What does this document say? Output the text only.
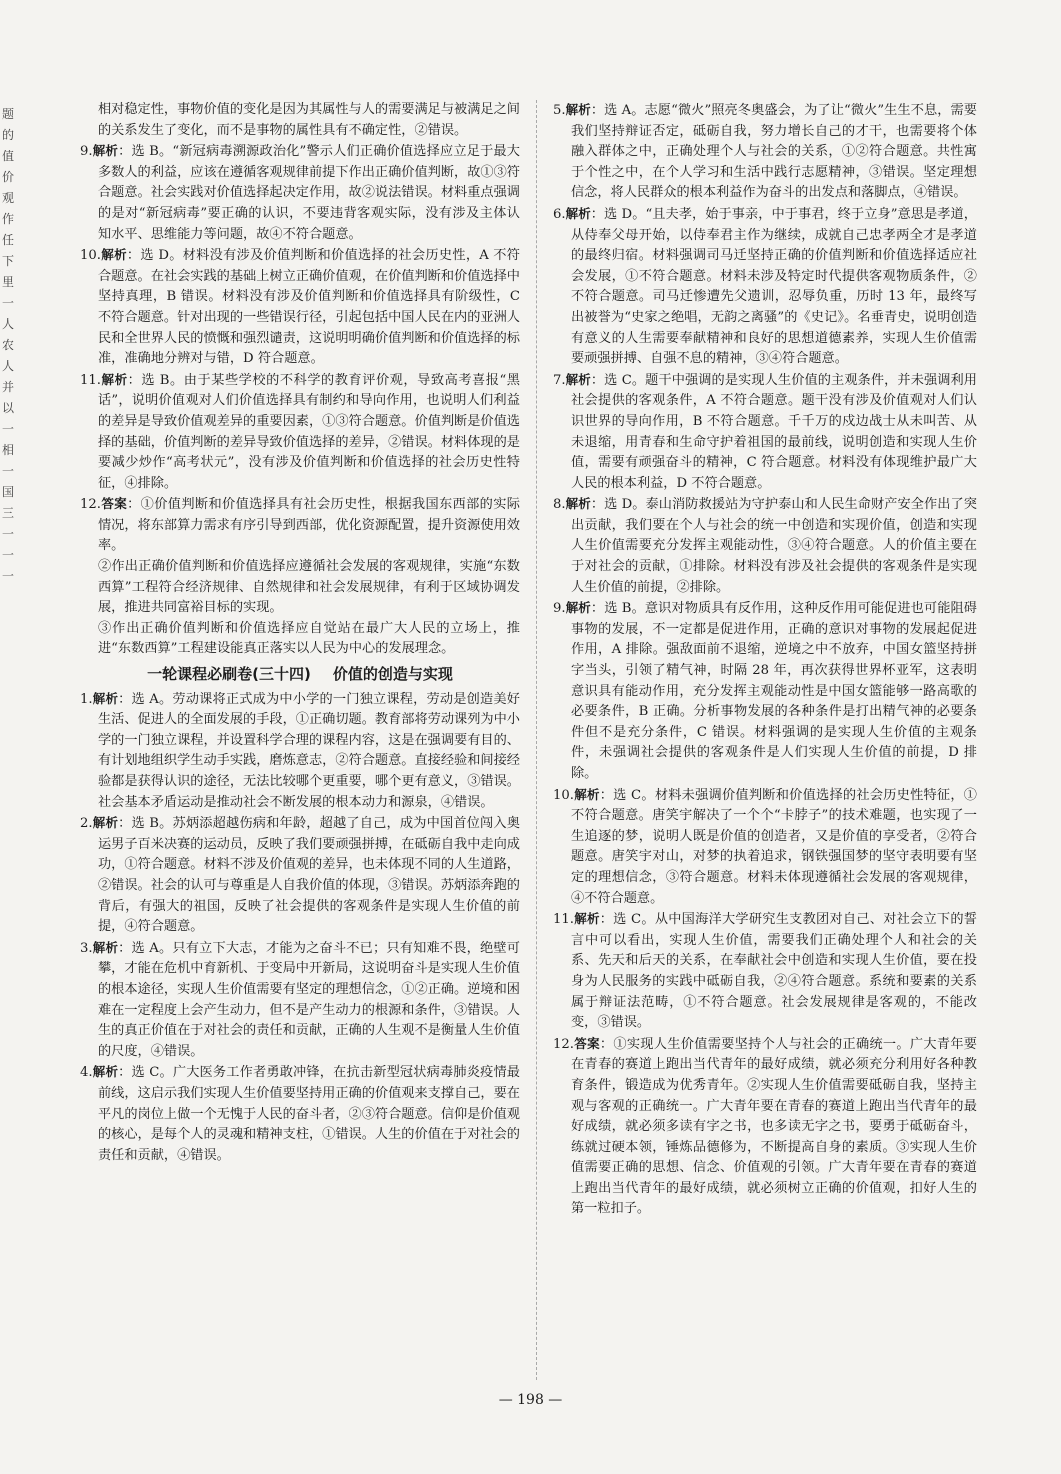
题的值价观作任下里一人农人并以一相一国三一一一
相对稳定性，事物价值的变化是因为其属性与人的需要满足与被满足之间的关系发生了变化，而不是事物的属性具有不确定性，②错误。
9.解析：选 B。“新冠病毒溯源政治化”警示人们正确价值选择应立足于最大多数人的利益，应该在遵循客观规律前提下作出正确价值判断，故①③符合题意。社会实践对价值选择起决定作用，故②说法错误。材料重点强调的是对“新冠病毒”要正确的认识，不要违背客观实际，没有涉及主体认知水平、思维能力等问题，故④不符合题意。
10.解析：选 D。材料没有涉及价值判断和价值选择的社会历史性，A 不符合题意。在社会实践的基础上树立正确价值观，在价值判断和价值选择中坚持真理，B 错误。材料没有涉及价值判断和价值选择具有阶级性，C 不符合题意。针对出现的一些错误行径，引起包括中国人民在内的亚洲人民和全世界人民的愤慨和强烈谴责，这说明明确价值判断和价值选择的标准，准确地分辨对与错，D 符合题意。
11.解析：选 B。由于某些学校的不科学的教育评价观，导致高考喜报“黑话”，说明价值观对人们价值选择具有制约和导向作用，也说明人们利益的差异是导致价值观差异的重要因素，①③符合题意。价值判断是价值选择的基础，价值判断的差异导致价值选择的差异，②错误。材料体现的是要减少炒作“高考状元”，没有涉及价值判断和价值选择的社会历史性特征，④排除。
12.答案：①价值判断和价值选择具有社会历史性，根据我国东西部的实际情况，将东部算力需求有序引导到西部，优化资源配置，提升资源使用效率。
②作出正确价值判断和价值选择应遵循社会发展的客观规律，实施“东数西算”工程符合经济规律、自然规律和社会发展规律，有利于区域协调发展，推进共同富裕目标的实现。
③作出正确价值判断和价值选择应自觉站在最广大人民的立场上，推进“东数西算”工程建设能真正落实以人民为中心的发展理念。
一轮课程必刷卷(三十四) 价值的创造与实现
1.解析：选 A。劳动课将正式成为中小学的一门独立课程，劳动是创造美好生活、促进人的全面发展的手段，①正确切题。教育部将劳动课列为中小学的一门独立课程，并设置科学合理的课程内容，这是在强调要有目的、有计划地组织学生动手实践，磨炼意志，②符合题意。直接经验和间接经验都是获得认识的途径，无法比较哪个更重要，哪个更有意义，③错误。社会基本矛盾运动是推动社会不断发展的根本动力和源泉，④错误。
2.解析：选 B。苏炳添超越伤病和年龄，超越了自己，成为中国首位闯入奥运男子百米决赛的运动员，反映了我们要顽强拼搏，在砥砺自我中走向成功，①符合题意。材料不涉及价值观的差异，也未体现不同的人生道路，②错误。社会的认可与尊重是人自我价值的体现，③错误。苏炳添奔跑的背后，有强大的祖国，反映了社会提供的客观条件是实现人生价值的前提，④符合题意。
3.解析：选 A。只有立下大志，才能为之奋斗不已；只有知难不畏，绝壁可攀，才能在危机中育新机、于变局中开新局，这说明奋斗是实现人生价值的根本途径，实现人生价值需要有坚定的理想信念，①②正确。逆境和困难在一定程度上会产生动力，但不是产生动力的根源和条件，③错误。人生的真正价值在于对社会的责任和贡献，正确的人生观不是衡量人生价值的尺度，④错误。
4.解析：选 C。广大医务工作者勇敢冲锋，在抗击新型冠状病毒肺炎疫情最前线，这启示我们实现人生价值要坚持用正确的价值观来支撑自己，要在平凡的岗位上做一个无愧于人民的奋斗者，②③符合题意。信仰是价值观的核心，是每个人的灵魂和精神支柱，①错误。人生的价值在于对社会的责任和贡献，④错误。
5.解析：选 A。志愿“微火”照亮冬奥盛会，为了让“微火”生生不息，需要我们坚持辩证否定，砥砺自我，努力增长自己的才干，也需要将个体融入群体之中，正确处理个人与社会的关系，①②符合题意。共性寓于个性之中，在个人学习和生活中践行志愿精神，③错误。坚定理想信念，将人民群众的根本利益作为奋斗的出发点和落脚点，④错误。
6.解析：选 D。“且夫孝，始于事亲，中于事君，终于立身”意思是孝道，从侍奉父母开始，以侍奉君主作为继续，成就自己忠孝两全才是孝道的最终归宿。材料强调司马迁坚持正确的价值判断和价值选择适应社会发展，①不符合题意。材料未涉及特定时代提供客观物质条件，②不符合题意。司马迁惨遭先父遗训，忍辱负重，历时 13 年，最终写出被誉为“史家之绝唱，无韵之离骚”的《史记》。名垂青史，说明创造有意义的人生需要奉献精神和良好的思想道德素养，实现人生价值需要顽强拼搏、自强不息的精神，③④符合题意。
7.解析：选 C。题干中强调的是实现人生价值的主观条件，并未强调利用社会提供的客观条件，A 不符合题意。题干没有涉及价值观对人们认识世界的导向作用，B 不符合题意。千千万的戍边战士从未叫苦、从未退缩，用青春和生命守护着祖国的最前线，说明创造和实现人生价值，需要有顽强奋斗的精神，C 符合题意。材料没有体现维护最广大人民的根本利益，D 不符合题意。
8.解析：选 D。泰山消防救援站为守护泰山和人民生命财产安全作出了突出贡献，我们要在个人与社会的统一中创造和实现价值，创造和实现人生价值需要充分发挥主观能动性，③④符合题意。人的价值主要在于对社会的贡献，①排除。材料没有涉及社会提供的客观条件是实现人生价值的前提，②排除。
9.解析：选 B。意识对物质具有反作用，这种反作用可能促进也可能阻碍事物的发展，不一定都是促进作用，正确的意识对事物的发展起促进作用，A 排除。强敌面前不退缩，逆境之中不放弃，中国女篮坚持拼字当头，引领了精气神，时隔 28 年，再次获得世界杯亚军，这表明意识具有能动作用，充分发挥主观能动性是中国女篮能够一路高歌的必要条件，B 正确。分析事物发展的各种条件是打出精气神的必要条件但不是充分条件，C 错误。材料强调的是实现人生价值的主观条件，未强调社会提供的客观条件是人们实现人生价值的前提，D 排除。
10.解析：选 C。材料未强调价值判断和价值选择的社会历史性特征，①不符合题意。唐笑宇解决了一个个“卡脖子”的技术难题，也实现了一生追逐的梦，说明人既是价值的创造者，又是价值的享受者，②符合题意。唐笑宇对山，对梦的执着追求，钢铁强国梦的坚守表明要有坚定的理想信念，③符合题意。材料未体现遵循社会发展的客观规律，④不符合题意。
11.解析：选 C。从中国海洋大学研究生支教团对自己、对社会立下的誓言中可以看出，实现人生价值，需要我们正确处理个人和社会的关系、先天和后天的关系，在奉献社会中创造和实现人生价值，要在投身为人民服务的实践中砥砺自我，②④符合题意。系统和要素的关系属于辩证法范畴，①不符合题意。社会发展规律是客观的，不能改变，③错误。
12.答案：①实现人生价值需要坚持个人与社会的正确统一。广大青年要在青春的赛道上跑出当代青年的最好成绩，就必须充分利用好各种教育条件，锻造成为优秀青年。②实现人生价值需要砥砺自我，坚持主观与客观的正确统一。广大青年要在青春的赛道上跑出当代青年的最好成绩，就必须多读有字之书，也多读无字之书，要勇于砥砺奋斗，练就过硬本领，锤炼品德修为，不断提高自身的素质。③实现人生价值需要正确的思想、信念、价值观的引领。广大青年要在青春的赛道上跑出当代青年的最好成绩，就必须树立正确的价值观，扣好人生的第一粒扣子。
— 198 —
